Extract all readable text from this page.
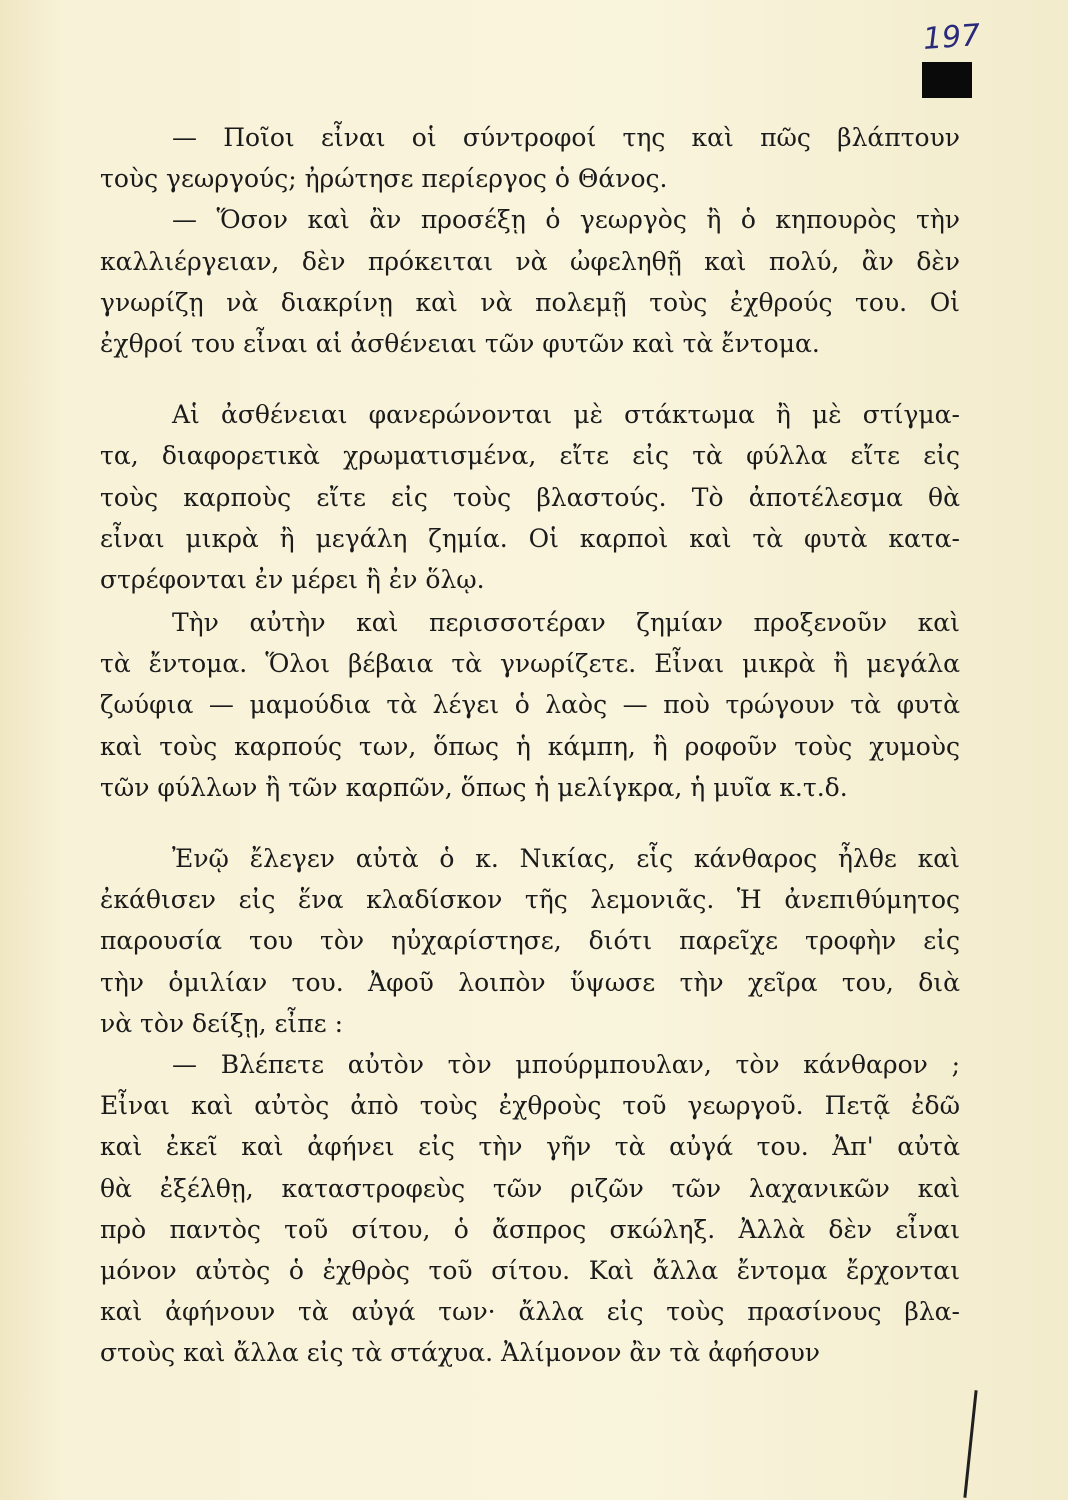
197
— Ποῖοι εἶναι οἱ σύντροφοί της καὶ πῶς βλάπτουν
τοὺς γεωργούς; ἠρώτησε περίεργος ὁ Θάνος.
— Ὅσον καὶ ἂν προσέξῃ ὁ γεωργὸς ἢ ὁ κηπουρὸς τὴν
καλλιέργειαν, δὲν πρόκειται νὰ ὠφεληθῇ καὶ πολύ, ἂν δὲν
γνωρίζῃ νὰ διακρίνῃ καὶ νὰ πολεμῇ τοὺς ἐχθρούς του. Οἱ
ἐχθροί του εἶναι αἱ ἀσθένειαι τῶν φυτῶν καὶ τὰ ἔντομα.
Αἱ ἀσθένειαι φανερώνονται μὲ στάκτωμα ἢ μὲ στίγμα-
τα, διαφορετικὰ χρωματισμένα, εἴτε εἰς τὰ φύλλα εἴτε εἰς
τοὺς καρποὺς εἴτε εἰς τοὺς βλαστούς. Τὸ ἀποτέλεσμα θὰ
εἶναι μικρὰ ἢ μεγάλη ζημία. Οἱ καρποὶ καὶ τὰ φυτὰ κατα-
στρέφονται ἐν μέρει ἢ ἐν ὅλῳ.
Τὴν αὐτὴν καὶ περισσοτέραν ζημίαν προξενοῦν καὶ
τὰ ἔντομα. Ὅλοι βέβαια τὰ γνωρίζετε. Εἶναι μικρὰ ἢ μεγάλα
ζωύφια — μαμούδια τὰ λέγει ὁ λαὸς — ποὺ τρώγουν τὰ φυτὰ
καὶ τοὺς καρπούς των, ὅπως ἡ κάμπη, ἢ ροφοῦν τοὺς χυμοὺς
τῶν φύλλων ἢ τῶν καρπῶν, ὅπως ἡ μελίγκρα, ἡ μυῖα κ.τ.δ.
Ἐνῷ ἔλεγεν αὐτὰ ὁ κ. Νικίας, εἷς κάνθαρος ἦλθε καὶ
ἐκάθισεν εἰς ἕνα κλαδίσκον τῆς λεμονιᾶς. Ἡ ἀνεπιθύμητος
παρουσία του τὸν ηὐχαρίστησε, διότι παρεῖχε τροφὴν εἰς
τὴν ὁμιλίαν του. Ἀφοῦ λοιπὸν ὕψωσε τὴν χεῖρα του, διὰ
νὰ τὸν δείξῃ, εἶπε :
— Βλέπετε αὐτὸν τὸν μπούρμπουλαν, τὸν κάνθαρον ;
Εἶναι καὶ αὐτὸς ἀπὸ τοὺς ἐχθροὺς τοῦ γεωργοῦ. Πετᾷ ἐδῶ
καὶ ἐκεῖ καὶ ἀφήνει εἰς τὴν γῆν τὰ αὐγά του. Ἀπ' αὐτὰ
θὰ ἐξέλθῃ, καταστροφεὺς τῶν ριζῶν τῶν λαχανικῶν καὶ
πρὸ παντὸς τοῦ σίτου, ὁ ἄσπρος σκώληξ. Ἀλλὰ δὲν εἶναι
μόνον αὐτὸς ὁ ἐχθρὸς τοῦ σίτου. Καὶ ἄλλα ἔντομα ἔρχονται
καὶ ἀφήνουν τὰ αὐγά των· ἄλλα εἰς τοὺς πρασίνους βλα-
στοὺς καὶ ἄλλα εἰς τὰ στάχυα. Ἀλίμονον ἂν τὰ ἀφήσουν
